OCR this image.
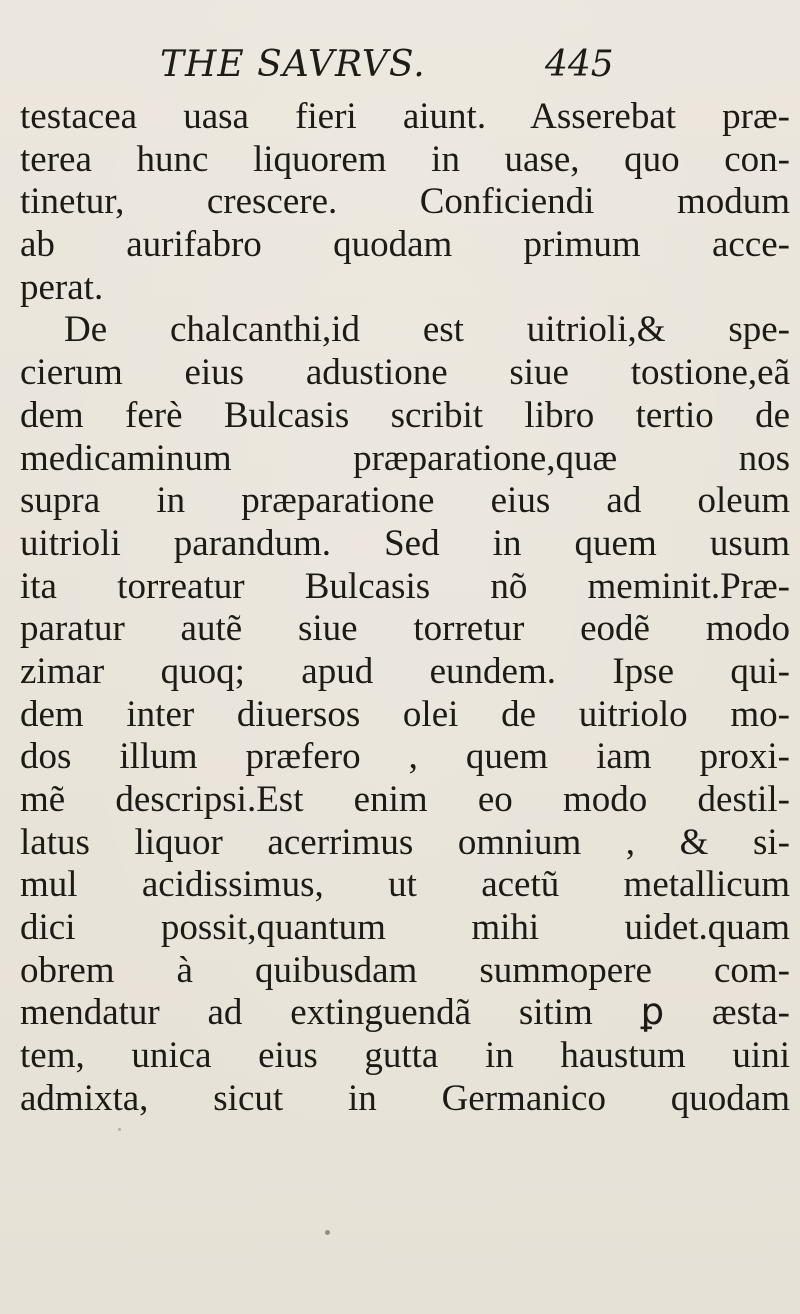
THE SAVRVS.	445
testacea uasa fieri aiunt. Asserebat præ-
terea hunc liquorem in uase, quo con-
tinetur, crescere. Conficiendi modum
ab aurifabro quodam primum acce-
perat.
De chalcanthi,id est uitrioli,& spe-
cierum eius adustione siue tostione,eã
dem ferè Bulcasis scribit libro tertio de
medicaminum præparatione,quæ nos
supra in præparatione eius ad oleum
uitrioli parandum. Sed in quem usum
ita torreatur Bulcasis nõ meminit.Præ-
paratur autẽ siue torretur eodẽ modo
zimar quoq; apud eundem. Ipse qui-
dem inter diuersos olei de uitriolo mo-
dos illum præfero , quem iam proxi-
mẽ descripsi.Est enim eo modo destil-
latus liquor acerrimus omnium , & si-
mul acidissimus, ut acetũ metallicum
dici possit,quantum mihi uidet.quam
obrem à quibusdam summopere com-
mendatur ad extinguendã sitim ꝑ æsta-
tem, unica eius gutta in haustum uini
admixta, sicut in Germanico quodam
